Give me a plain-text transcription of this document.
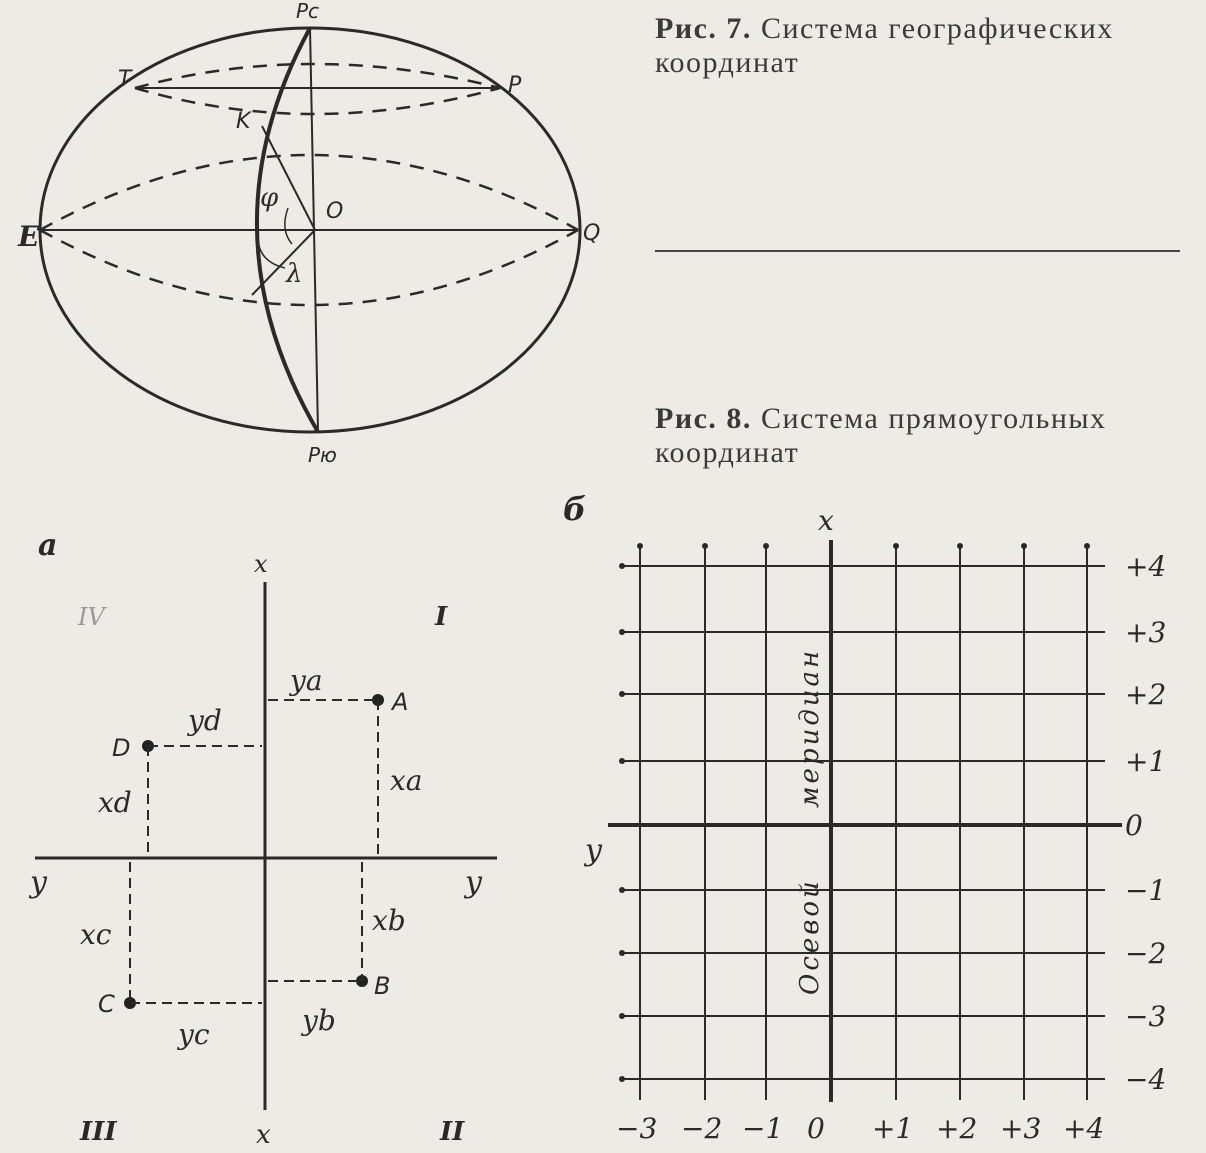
Рис. 7. Система географических координат
Рис. 8. Система прямоугольных координат
Pc
Pю
T	P
K
O
E	Q
φ
λ
а
x
x
y	y
I
II
III
IV
A
ya
xa
D
yd
xd
B
xb
yb
C
xc
yc
б	x
y
меридиан
Осевой
+4
+3
+2
+1
0
−1
−2
−3
−4
−3 −2 −1 0 +1 +2 +3 +4
